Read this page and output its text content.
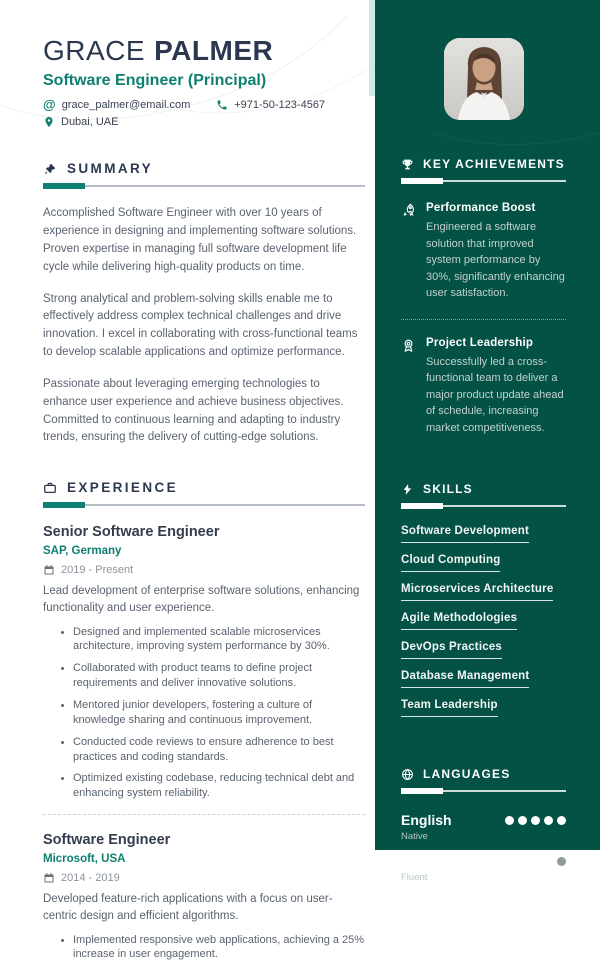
GRACE PALMER
Software Engineer (Principal)
@ grace_palmer@email.com	+971-50-123-4567
Dubai, UAE
SUMMARY

Accomplished Software Engineer with over 10 years of experience in designing and implementing software solutions. Proven expertise in managing full software development life cycle while delivering high-quality products on time.

Strong analytical and problem-solving skills enable me to effectively address complex technical challenges and drive innovation. I excel in collaborating with cross-functional teams to develop scalable applications and optimize performance.

Passionate about leveraging emerging technologies to enhance user experience and achieve business objectives. Committed to continuous learning and adapting to industry trends, ensuring the delivery of cutting-edge solutions.

EXPERIENCE
Senior Software Engineer
SAP, Germany
2019 - Present

Lead development of enterprise software solutions, enhancing functionality and user experience.

• Designed and implemented scalable microservices architecture, improving system performance by 30%.
• Collaborated with product teams to define project requirements and deliver innovative solutions.
• Mentored junior developers, fostering a culture of knowledge sharing and continuous improvement.
• Conducted code reviews to ensure adherence to best practices and coding standards.
• Optimized existing codebase, reducing technical debt and enhancing system reliability.
Software Engineer
Microsoft, USA
2014 - 2019

Developed feature-rich applications with a focus on user-centric design and efficient algorithms.

• Implemented responsive web applications, achieving a 25% increase in user engagement.
KEY ACHIEVEMENTS
Performance Boost
Engineered a software solution that improved system performance by 30%, significantly enhancing user satisfaction.
Project Leadership
Successfully led a cross-functional team to deliver a major product update ahead of schedule, increasing market competitiveness.
SKILLS
Software Development
Cloud Computing
Microservices Architecture
Agile Methodologies
DevOps Practices
Database Management
Team Leadership
LANGUAGES
English
Native
Arabic
Fluent
